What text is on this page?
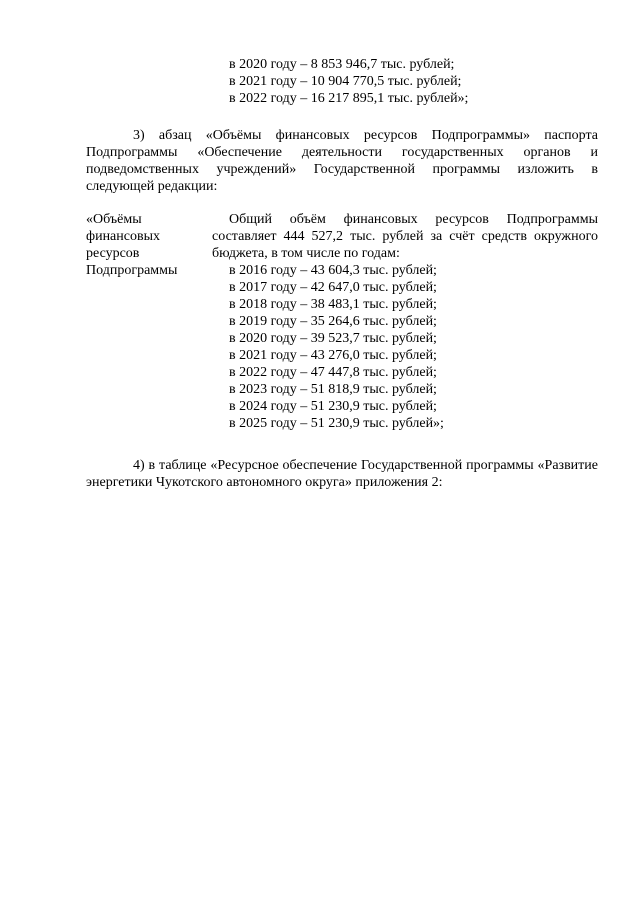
в 2020 году – 8 853 946,7 тыс. рублей;
в 2021 году – 10 904 770,5 тыс. рублей;
в 2022 году – 16 217 895,1 тыс. рублей»;
3) абзац «Объёмы финансовых ресурсов Подпрограммы» паспорта Подпрограммы «Обеспечение деятельности государственных органов и подведомственных учреждений» Государственной программы изложить в следующей редакции:
«Объёмы
финансовых
ресурсов
Подпрограммы
Общий объём финансовых ресурсов Подпрограммы составляет 444 527,2 тыс. рублей за счёт средств окружного бюджета, в том числе по годам:
в 2016 году – 43 604,3 тыс. рублей;
в 2017 году – 42 647,0 тыс. рублей;
в 2018 году – 38 483,1 тыс. рублей;
в 2019 году – 35 264,6 тыс. рублей;
в 2020 году – 39 523,7 тыс. рублей;
в 2021 году – 43 276,0 тыс. рублей;
в 2022 году – 47 447,8 тыс. рублей;
в 2023 году – 51 818,9 тыс. рублей;
в 2024 году – 51 230,9 тыс. рублей;
в 2025 году – 51 230,9 тыс. рублей»;
4) в таблице «Ресурсное обеспечение Государственной программы «Развитие энергетики Чукотского автономного округа» приложения 2:
